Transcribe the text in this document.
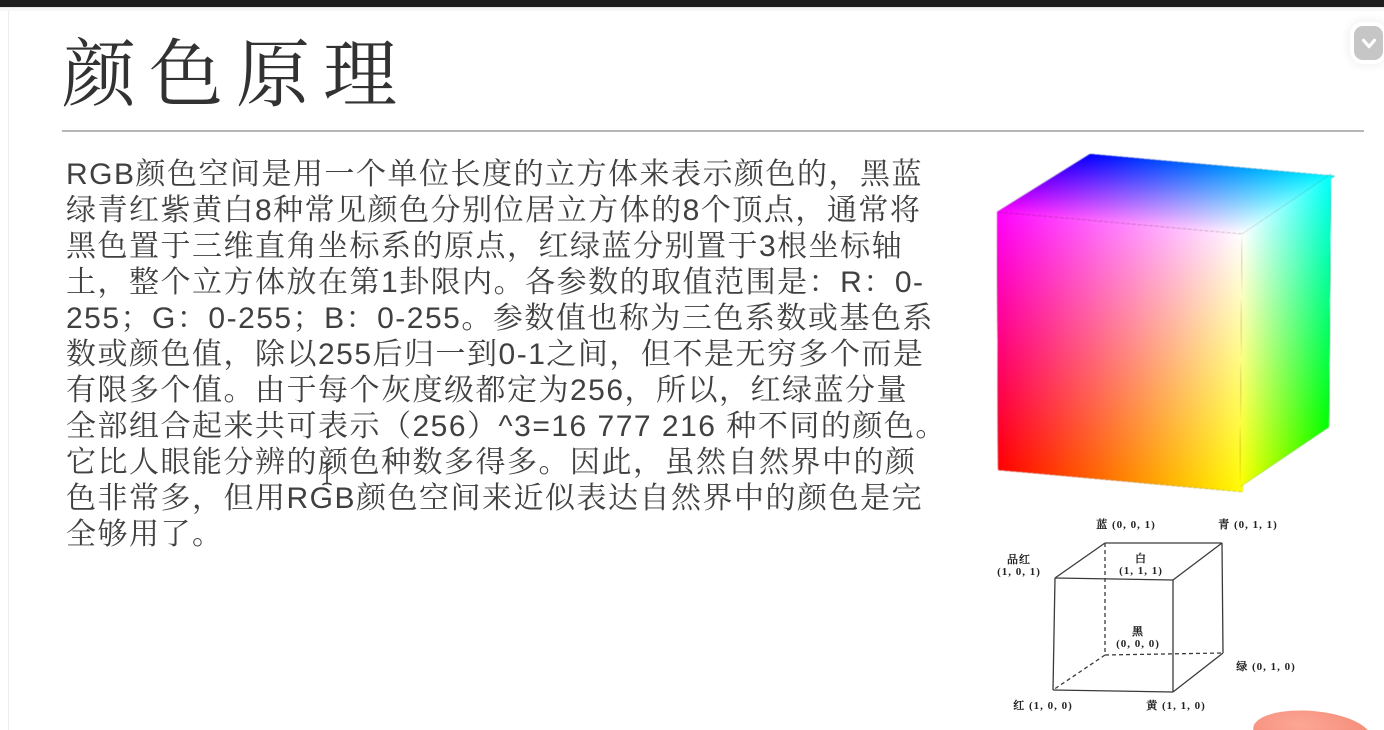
颜色原理
RGB颜色空间是用一个单位长度的立方体来表示颜色的，黑蓝
绿青红紫黄白8种常见颜色分别位居立方体的8个顶点，通常将
黑色置于三维直角坐标系的原点，红绿蓝分别置于3根坐标轴
土，整个立方体放在第1卦限内。各参数的取值范围是：R：0-
255；G：0-255；B：0-255。参数值也称为三色系数或基色系
数或颜色值，除以255后归一到0-1之间，但不是无穷多个而是
有限多个值。由于每个灰度级都定为256，所以，红绿蓝分量
全部组合起来共可表示（256）^3=16 777 216 种不同的颜色。
它比人眼能分辨的颜色种数多得多。因此，虽然自然界中的颜
色非常多，但用RGB颜色空间来近似表达自然界中的颜色是完
全够用了。	蓝 (0, 0, 1)	青 (0, 1, 1)
品红
(1, 0, 1)
白
(1, 1, 1)
黑
(0, 0, 0)
绿 (0, 1, 0)
红 (1, 0, 0)	黄 (1, 1, 0)
